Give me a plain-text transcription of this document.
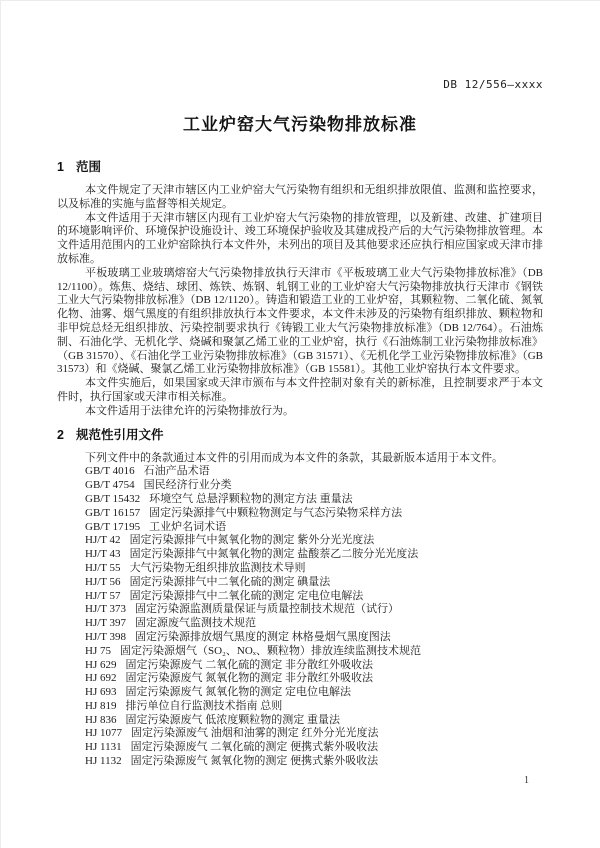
DB 12/556—xxxx
工业炉窑大气污染物排放标准
1 范围

本文件规定了天津市辖区内工业炉窑大气污染物有组织和无组织排放限值、监测和监控要求，以及标准的实施与监督等相关规定。

本文件适用于天津市辖区内现有工业炉窑大气污染物的排放管理，以及新建、改建、扩建项目的环境影响评价、环境保护设施设计、竣工环境保护验收及其建成投产后的大气污染物排放管理。本文件适用范围内的工业炉窑除执行本文件外，未列出的项目及其他要求还应执行相应国家或天津市排放标准。

平板玻璃工业玻璃熔窑大气污染物排放执行天津市《平板玻璃工业大气污染物排放标准》（DB 12/1100）。炼焦、烧结、球团、炼铁、炼钢、轧钢工业的工业炉窑大气污染物排放执行天津市《钢铁工业大气污染物排放标准》（DB 12/1120）。铸造和锻造工业的工业炉窑，其颗粒物、二氧化硫、氮氧化物、油雾、烟气黑度的有组织排放执行本文件要求，本文件未涉及的污染物有组织排放、颗粒物和非甲烷总烃无组织排放、污染控制要求执行《铸锻工业大气污染物排放标准》（DB 12/764）。石油炼制、石油化学、无机化学、烧碱和聚氯乙烯工业的工业炉窑，执行《石油炼制工业污染物排放标准》（GB 31570）、《石油化学工业污染物排放标准》（GB 31571）、《无机化学工业污染物排放标准》（GB 31573）和《烧碱、聚氯乙烯工业污染物排放标准》（GB 15581）。其他工业炉窑执行本文件要求。

本文件实施后，如果国家或天津市颁布与本文件控制对象有关的新标准，且控制要求严于本文件时，执行国家或天津市相关标准。

本文件适用于法律允许的污染物排放行为。

2 规范性引用文件

下列文件中的条款通过本文件的引用而成为本文件的条款，其最新版本适用于本文件。

GB/T 4016 石油产品术语
GB/T 4754 国民经济行业分类
GB/T 15432 环境空气 总悬浮颗粒物的测定方法 重量法
GB/T 16157 固定污染源排气中颗粒物测定与气态污染物采样方法
GB/T 17195 工业炉名词术语
HJ/T 42 固定污染源排气中氮氧化物的测定 紫外分光光度法
HJ/T 43 固定污染源排气中氮氧化物的测定 盐酸萘乙二胺分光光度法
HJ/T 55 大气污染物无组织排放监测技术导则
HJ/T 56 固定污染源排气中二氧化硫的测定 碘量法
HJ/T 57 固定污染源排气中二氧化硫的测定 定电位电解法
HJ/T 373 固定污染源监测质量保证与质量控制技术规范（试行）
HJ/T 397 固定源废气监测技术规范
HJ/T 398 固定污染源排放烟气黑度的测定 林格曼烟气黑度图法
HJ 75 固定污染源烟气（SO₂、NOₓ、颗粒物）排放连续监测技术规范
HJ 629 固定污染源废气 二氧化硫的测定 非分散红外吸收法
HJ 692 固定污染源废气 氮氧化物的测定 非分散红外吸收法
HJ 693 固定污染源废气 氮氧化物的测定 定电位电解法
HJ 819 排污单位自行监测技术指南 总则
HJ 836 固定污染源废气 低浓度颗粒物的测定 重量法
HJ 1077 固定污染源废气 油烟和油雾的测定 红外分光光度法
HJ 1131 固定污染源废气 二氧化硫的测定 便携式紫外吸收法
HJ 1132 固定污染源废气 氮氧化物的测定 便携式紫外吸收法
1
